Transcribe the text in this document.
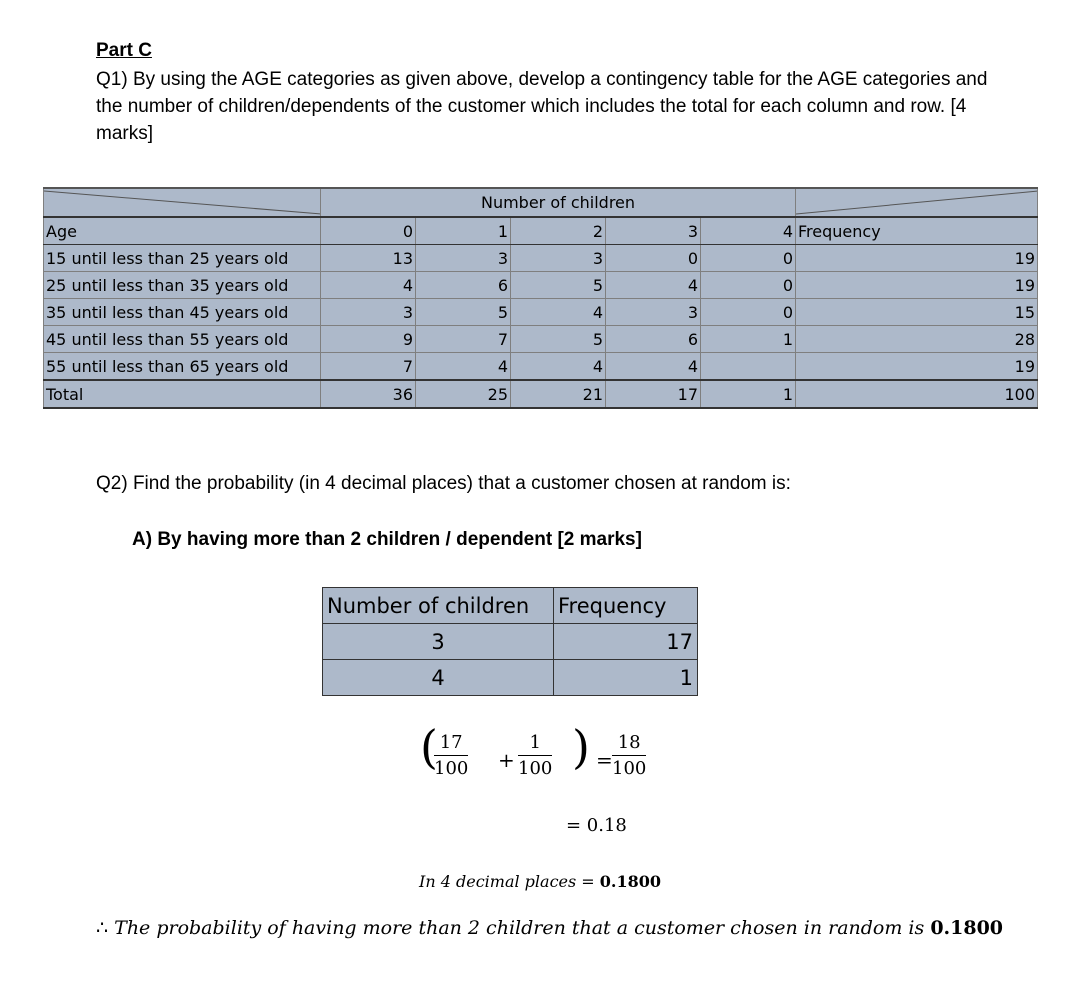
Part C
Q1) By using the AGE categories as given above, develop a contingency table for the AGE categories and the number of children/dependents of the customer which includes the total for each column and row. [4 marks]
	Number of children	

Age	0	1	2	3	4	Frequency
15 until less than 25 years old	13	3	3	0	0	19
25 until less than 35 years old	4	6	5	4	0	19
35 until less than 45 years old	3	5	4	3	0	15
45 until less than 55 years old	9	7	5	6	1	28
55 until less than 65 years old	7	4	4	4		19
Total	36	25	21	17	1	100
Q2) Find the probability (in 4 decimal places) that a customer chosen at random is:
A) By having more than 2 children / dependent [2 marks]
Number of children	Frequency
3	17
4	1
(
$\frac{17}{100} + \frac{1}{100}$ ) = $\frac{18}{100}$
= 0.18
In 4 decimal places = 0.1800
∴ The probability of having more than 2 children that a customer chosen in random is 0.1800
